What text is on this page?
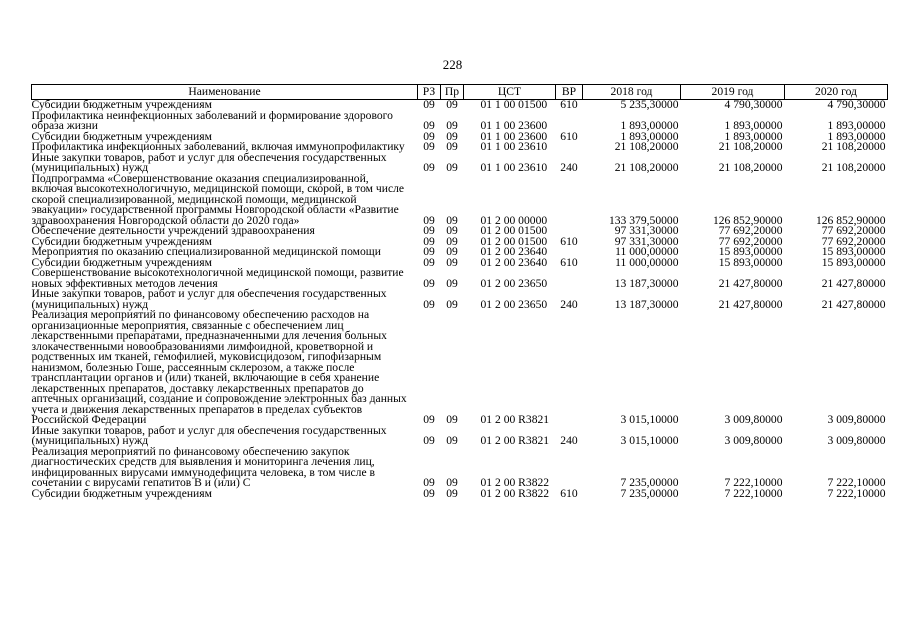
228
Наименование	РЗ	Пр	ЦСТ	ВР	2018 год	2019 год	2020 год
Субсидии бюджетным учреждениям	09	09	01 1 00 01500	610	5 235,30000	4 790,30000	4 790,30000
Профилактика неинфекционных заболеваний и формирование здорового образа жизни	09	09	01 1 00 23600		1 893,00000	1 893,00000	1 893,00000
Субсидии бюджетным учреждениям	09	09	01 1 00 23600	610	1 893,00000	1 893,00000	1 893,00000
Профилактика инфекционных заболеваний, включая иммунопрофилактику	09	09	01 1 00 23610		21 108,20000	21 108,20000	21 108,20000
Иные закупки товаров, работ и услуг для обеспечения государственных (муниципальных) нужд	09	09	01 1 00 23610	240	21 108,20000	21 108,20000	21 108,20000
Подпрограмма «Совершенствование оказания специализированной, включая высокотехнологичную, медицинской помощи, скорой, в том числе скорой специализированной, медицинской помощи, медицинской эвакуации» государственной программы Новгородской области «Развитие здравоохранения Новгородской области до 2020 года»	09	09	01 2 00 00000		133 379,50000	126 852,90000	126 852,90000
Обеспечение деятельности учреждений здравоохранения	09	09	01 2 00 01500		97 331,30000	77 692,20000	77 692,20000
Субсидии бюджетным учреждениям	09	09	01 2 00 01500	610	97 331,30000	77 692,20000	77 692,20000
Мероприятия по оказанию специализированной медицинской помощи	09	09	01 2 00 23640		11 000,00000	15 893,00000	15 893,00000
Субсидии бюджетным учреждениям	09	09	01 2 00 23640	610	11 000,00000	15 893,00000	15 893,00000
Совершенствование высокотехнологичной медицинской помощи, развитие новых эффективных методов лечения	09	09	01 2 00 23650		13 187,30000	21 427,80000	21 427,80000
Иные закупки товаров, работ и услуг для обеспечения государственных (муниципальных) нужд	09	09	01 2 00 23650	240	13 187,30000	21 427,80000	21 427,80000
Реализация мероприятий по финансовому обеспечению расходов на организационные мероприятия, связанные с обеспечением лиц лекарственными препаратами, предназначенными для лечения больных злокачественными новообразованиями лимфоидной, кроветворной и родственных им тканей, гемофилией, муковисцидозом, гипофизарным нанизмом, болезнью Гоше, рассеянным склерозом, а также после трансплантации органов и (или) тканей, включающие в себя хранение лекарственных препаратов, доставку лекарственных препаратов до аптечных организаций, создание и сопровождение электронных баз данных учета и движения лекарственных препаратов в пределах субъектов Российской Федерации	09	09	01 2 00 R3821		3 015,10000	3 009,80000	3 009,80000
Иные закупки товаров, работ и услуг для обеспечения государственных (муниципальных) нужд	09	09	01 2 00 R3821	240	3 015,10000	3 009,80000	3 009,80000
Реализация мероприятий по финансовому обеспечению закупок диагностических средств для выявления и мониторинга лечения лиц, инфицированных вирусами иммунодефицита человека, в том числе в сочетании с вирусами гепатитов В и (или) С	09	09	01 2 00 R3822		7 235,00000	7 222,10000	7 222,10000
Субсидии бюджетным учреждениям	09	09	01 2 00 R3822	610	7 235,00000	7 222,10000	7 222,10000
